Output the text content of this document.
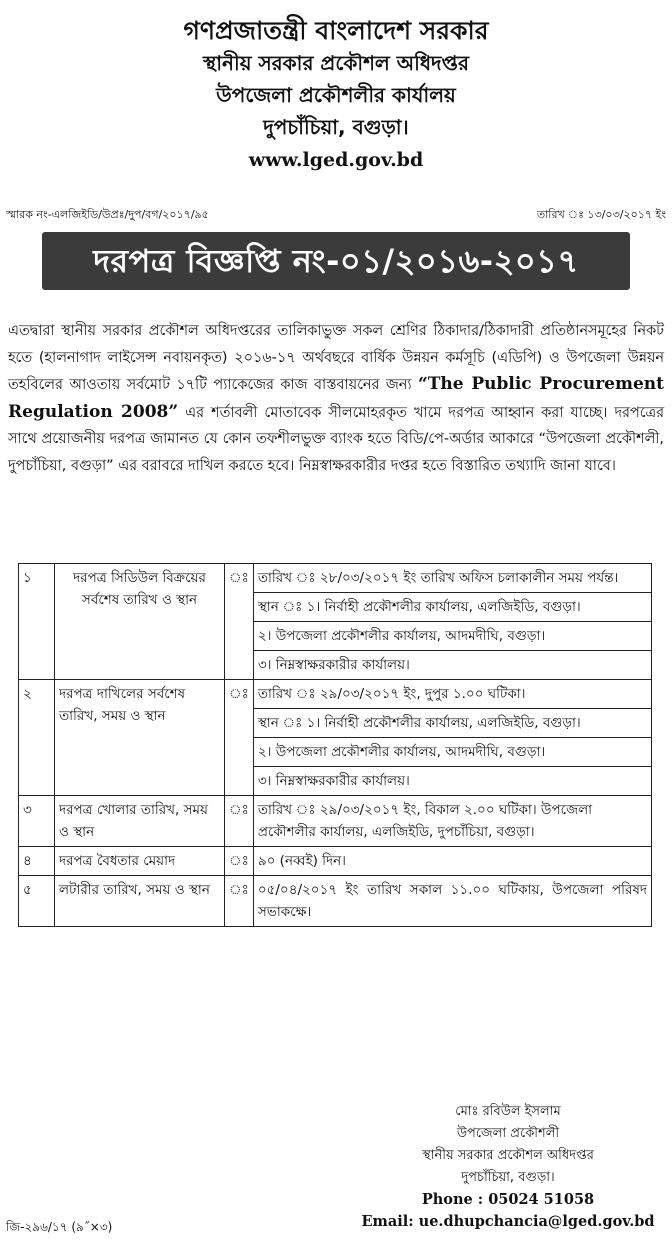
গণপ্রজাতন্ত্রী বাংলাদেশ সরকার
স্থানীয় সরকার প্রকৌশল অধিদপ্তর
উপজেলা প্রকৌশলীর কার্যালয়
দুপচাঁচিয়া, বগুড়া।
www.lged.gov.bd
স্মারক নং-এলজিইডি/উপ্রঃ/দুপ/বগ/২০১৭/৯৫	তারিখ ঃ ১৩/০৩/২০১৭ ইং
দরপত্র বিজ্ঞপ্তি নং-০১/২০১৬-২০১৭
এতদ্বারা স্থানীয় সরকার প্রকৌশল অধিদপ্তরের তালিকাভুক্ত সকল শ্রেণির ঠিকাদার/ঠিকাদারী প্রতিষ্ঠানসমূহের নিকট হতে (হালনাগাদ লাইসেন্স নবায়নকৃত) ২০১৬-১৭ অর্থবছরে বার্ষিক উন্নয়ন কর্মসূচি (এডিপি) ও উপজেলা উন্নয়ন তহবিলের আওতায় সর্বমোট ১৭টি প্যাকেজের কাজ বাস্তবায়নের জন্য “The Public Procurement Regulation 2008” এর শর্তাবলী মোতাবেক সীলমোহরকৃত খামে দরপত্র আহ্বান করা যাচ্ছে। দরপত্রের সাথে প্রয়োজনীয় দরপত্র জামানত যে কোন তফশীলভুক্ত ব্যাংক হতে বিডি/পে-অর্ডার আকারে “উপজেলা প্রকৌশলী, দুপচাঁচিয়া, বগুড়া” এর বরাবরে দাখিল করতে হবে। নিম্নস্বাক্ষরকারীর দপ্তর হতে বিস্তারিত তথ্যাদি জানা যাবে।
১	দরপত্র সিডিউল বিক্রয়ের সর্বশেষ তারিখ ও স্থান	ঃ	তারিখ ঃ ২৮/০৩/২০১৭ ইং তারিখ অফিস চলাকালীন সময় পর্যন্ত।
			স্থান ঃ ১। নির্বাহী প্রকৌশলীর কার্যালয়, এলজিইডি, বগুড়া।
			২। উপজেলা প্রকৌশলীর কার্যালয়, আদমদীঘি, বগুড়া।
			৩। নিম্নস্বাক্ষরকারীর কার্যালয়।
২	দরপত্র দাখিলের সর্বশেষ তারিখ, সময় ও স্থান	ঃ	তারিখ ঃ ২৯/০৩/২০১৭ ইং, দুপুর ১.০০ ঘটিকা।
			স্থান ঃ ১। নির্বাহী প্রকৌশলীর কার্যালয়, এলজিইডি, বগুড়া।
			২। উপজেলা প্রকৌশলীর কার্যালয়, আদমদীঘি, বগুড়া।
			৩। নিম্নস্বাক্ষরকারীর কার্যালয়।
৩	দরপত্র খোলার তারিখ, সময় ও স্থান	ঃ	তারিখ ঃ ২৯/০৩/২০১৭ ইং, বিকাল ২.০০ ঘটিকা। উপজেলা প্রকৌশলীর কার্যালয়, এলজিইডি, দুপচাঁচিয়া, বগুড়া।
৪	দরপত্র বৈধতার মেয়াদ	ঃ	৯০ (নব্বই) দিন।
৫	লটারীর তারিখ, সময় ও স্থান	ঃ	০৫/০৪/২০১৭ ইং তারিখ সকাল ১১.০০ ঘটিকায়, উপজেলা পরিষদ সভাকক্ষে।
মোঃ রবিউল ইসলাম
উপজেলা প্রকৌশলী
স্থানীয় সরকার প্রকৌশল অধিদপ্তর
দুপচাঁচিয়া, বগুড়া।
Phone : 05024 51058
Email: ue.dhupchancia@lged.gov.bd
জি-২৯৬/১৭ (৯˝×৩)
